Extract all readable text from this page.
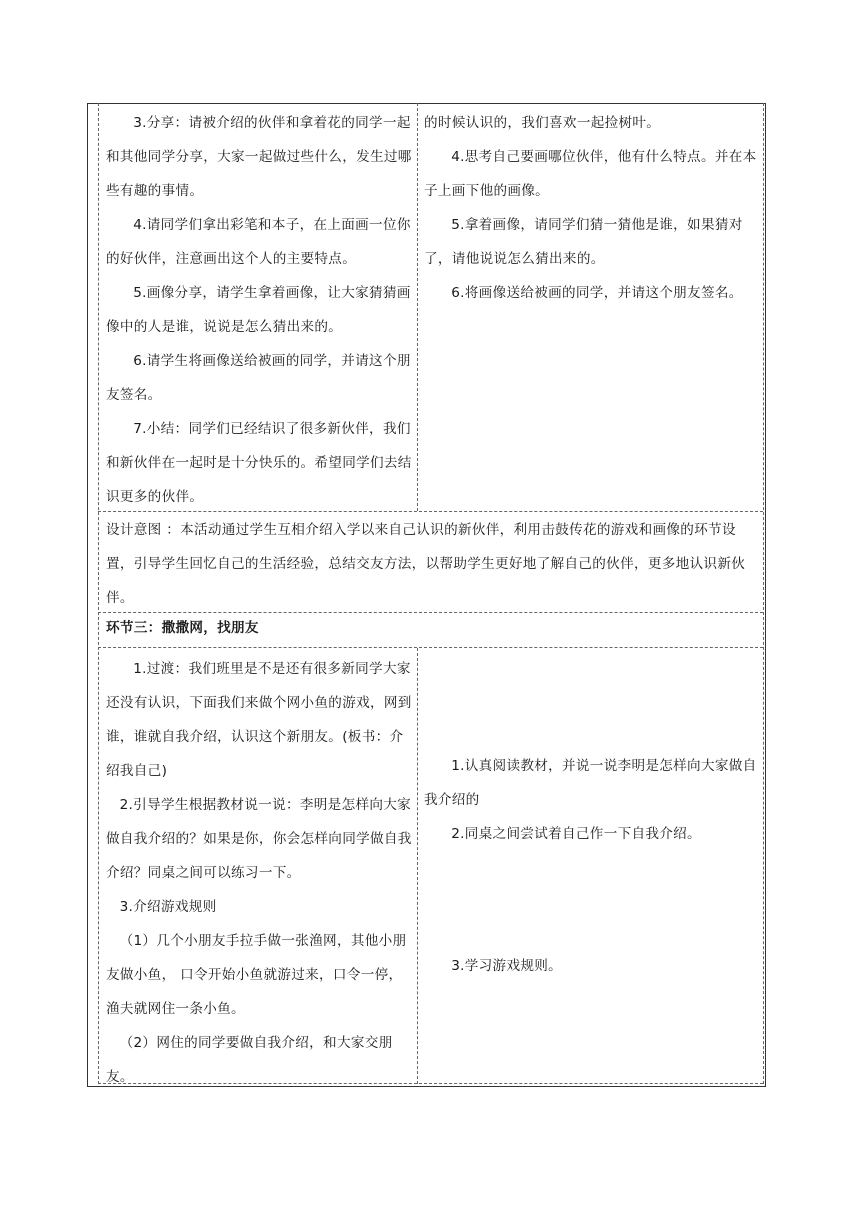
3.分享：请被介绍的伙伴和拿着花的同学一起和其他同学分享，大家一起做过些什么，发生过哪些有趣的事情。

4.请同学们拿出彩笔和本子，在上面画一位你的好伙伴，注意画出这个人的主要特点。

5.画像分享，请学生拿着画像，让大家猜猜画像中的人是谁，说说是怎么猜出来的。

6.请学生将画像送给被画的同学，并请这个朋友签名。

7.小结：同学们已经结识了很多新伙伴，我们和新伙伴在一起时是十分快乐的。希望同学们去结识更多的伙伴。

的时候认识的，我们喜欢一起捡树叶。

4.思考自己要画哪位伙伴，他有什么特点。并在本子上画下他的画像。

5.拿着画像，请同学们猜一猜他是谁，如果猜对了，请他说说怎么猜出来的。

6.将画像送给被画的同学，并请这个朋友签名。

设计意图 ：本活动通过学生互相介绍入学以来自己认识的新伙伴，利用击鼓传花的游戏和画像的环节设置，引导学生回忆自己的生活经验，总结交友方法，以帮助学生更好地了解自己的伙伴，更多地认识新伙伴。

环节三：撒撒网，找朋友

1.过渡：我们班里是不是还有很多新同学大家还没有认识，下面我们来做个网小鱼的游戏，网到谁，谁就自我介绍，认识这个新朋友。(板书：介绍我自己)

2.引导学生根据教材说一说：李明是怎样向大家做自我介绍的？如果是你，你会怎样向同学做自我介绍？同桌之间可以练习一下。

3.介绍游戏规则

（1）几个小朋友手拉手做一张渔网，其他小朋友做小鱼， 口令开始小鱼就游过来，口令一停，渔夫就网住一条小鱼。

（2）网住的同学要做自我介绍，和大家交朋友。

1.认真阅读教材，并说一说李明是怎样向大家做自我介绍的

2.同桌之间尝试着自己作一下自我介绍。

3.学习游戏规则。
